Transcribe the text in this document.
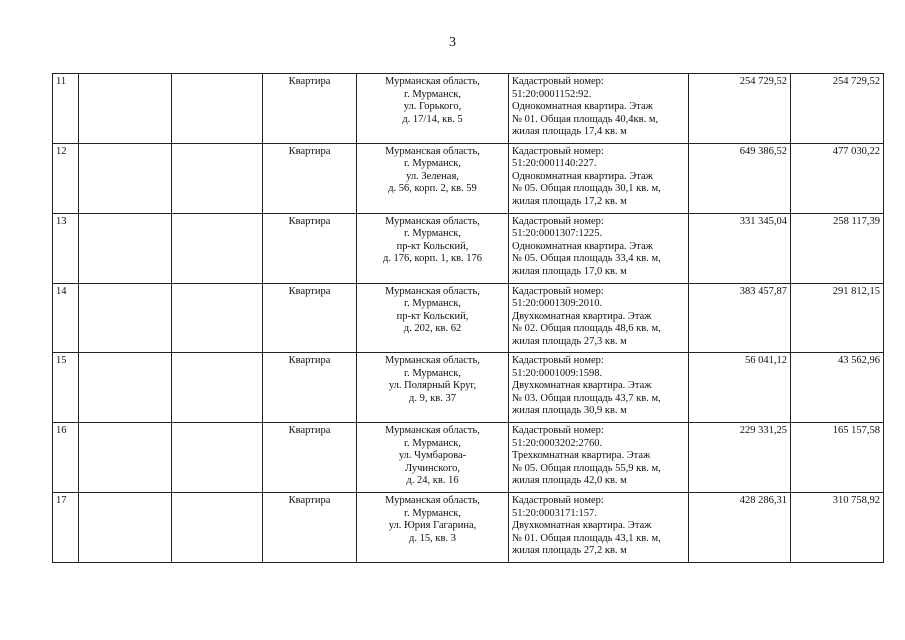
3
11			Квартира	Мурманская область,
г. Мурманск,
ул. Горького,
д. 17/14, кв. 5	Кадастровый номер:
51:20:0001152:92.
Однокомнатная квартира. Этаж
№ 01. Общая площадь 40,4кв. м,
жилая площадь 17,4 кв. м	254 729,52	254 729,52
12			Квартира	Мурманская область,
г. Мурманск,
ул. Зеленая,
д. 56, корп. 2, кв. 59	Кадастровый номер:
51:20:0001140:227.
Однокомнатная квартира. Этаж
№ 05. Общая площадь 30,1 кв. м,
жилая площадь 17,2 кв. м	649 386,52	477 030,22
13			Квартира	Мурманская область,
г. Мурманск,
пр-кт Кольский,
д. 176, корп. 1, кв. 176	Кадастровый номер:
51:20:0001307:1225.
Однокомнатная квартира. Этаж
№ 05. Общая площадь 33,4 кв. м,
жилая площадь 17,0 кв. м	331 345,04	258 117,39
14			Квартира	Мурманская область,
г. Мурманск,
пр-кт Кольский,
д. 202, кв. 62	Кадастровый номер:
51:20:0001309:2010.
Двухкомнатная квартира. Этаж
№ 02. Общая площадь 48,6 кв. м,
жилая площадь 27,3 кв. м	383 457,87	291 812,15
15			Квартира	Мурманская область,
г. Мурманск,
ул. Полярный Круг,
д. 9, кв. 37	Кадастровый номер:
51:20:0001009:1598.
Двухкомнатная квартира. Этаж
№ 03. Общая площадь 43,7 кв. м,
жилая площадь 30,9 кв. м	56 041,12	43 562,96
16			Квартира	Мурманская область,
г. Мурманск,
ул. Чумбарова-
Лучинского,
д. 24, кв. 16	Кадастровый номер:
51:20:0003202:2760.
Трехкомнатная квартира. Этаж
№ 05. Общая площадь 55,9 кв. м,
жилая площадь 42,0 кв. м	229 331,25	165 157,58
17			Квартира	Мурманская область,
г. Мурманск,
ул. Юрия Гагарина,
д. 15, кв. 3	Кадастровый номер:
51:20:0003171:157.
Двухкомнатная квартира. Этаж
№ 01. Общая площадь 43,1 кв. м,
жилая площадь 27,2 кв. м	428 286,31	310 758,92
